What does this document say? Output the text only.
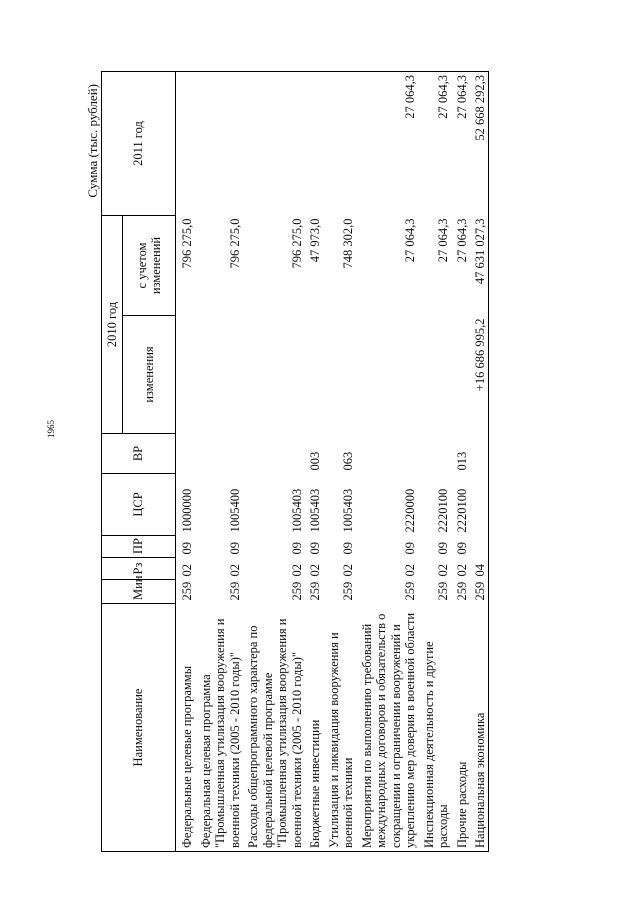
1965
Сумма (тыс. рублей)
Наименование	Мин	Рз	ПР	ЦСР	ВР	2010 год		2011 год
						изменения	с учетом изменений	
Федеральные целевые программы	259	02	09	1000000			796 275,0	
Федеральная целевая программа "Промышленная утилизация вооружения и военной техники (2005 - 2010 годы)"	259	02	09	1005400			796 275,0	
Расходы общепрограммного характера по федеральной целевой программе "Промышленная утилизация вооружения и военной техники (2005 - 2010 годы)"	259	02	09	1005403			796 275,0	
Бюджетные инвестиции	259	02	09	1005403	003		47 973,0	
Утилизация и ликвидация вооружения и военной техники	259	02	09	1005403	063		748 302,0	
Мероприятия по выполнению требований международных договоров и обязательств о сокращении и ограничении вооружений и укреплению мер доверия в военной области	259	02	09	2220000			27 064,3	27 064,3
Инспекционная деятельность и другие расходы	259	02	09	2220100			27 064,3	27 064,3
Прочие расходы	259	02	09	2220100	013		27 064,3	27 064,3
Национальная экономика	259	04				+16 686 995,2	47 631 027,3	52 668 292,3
